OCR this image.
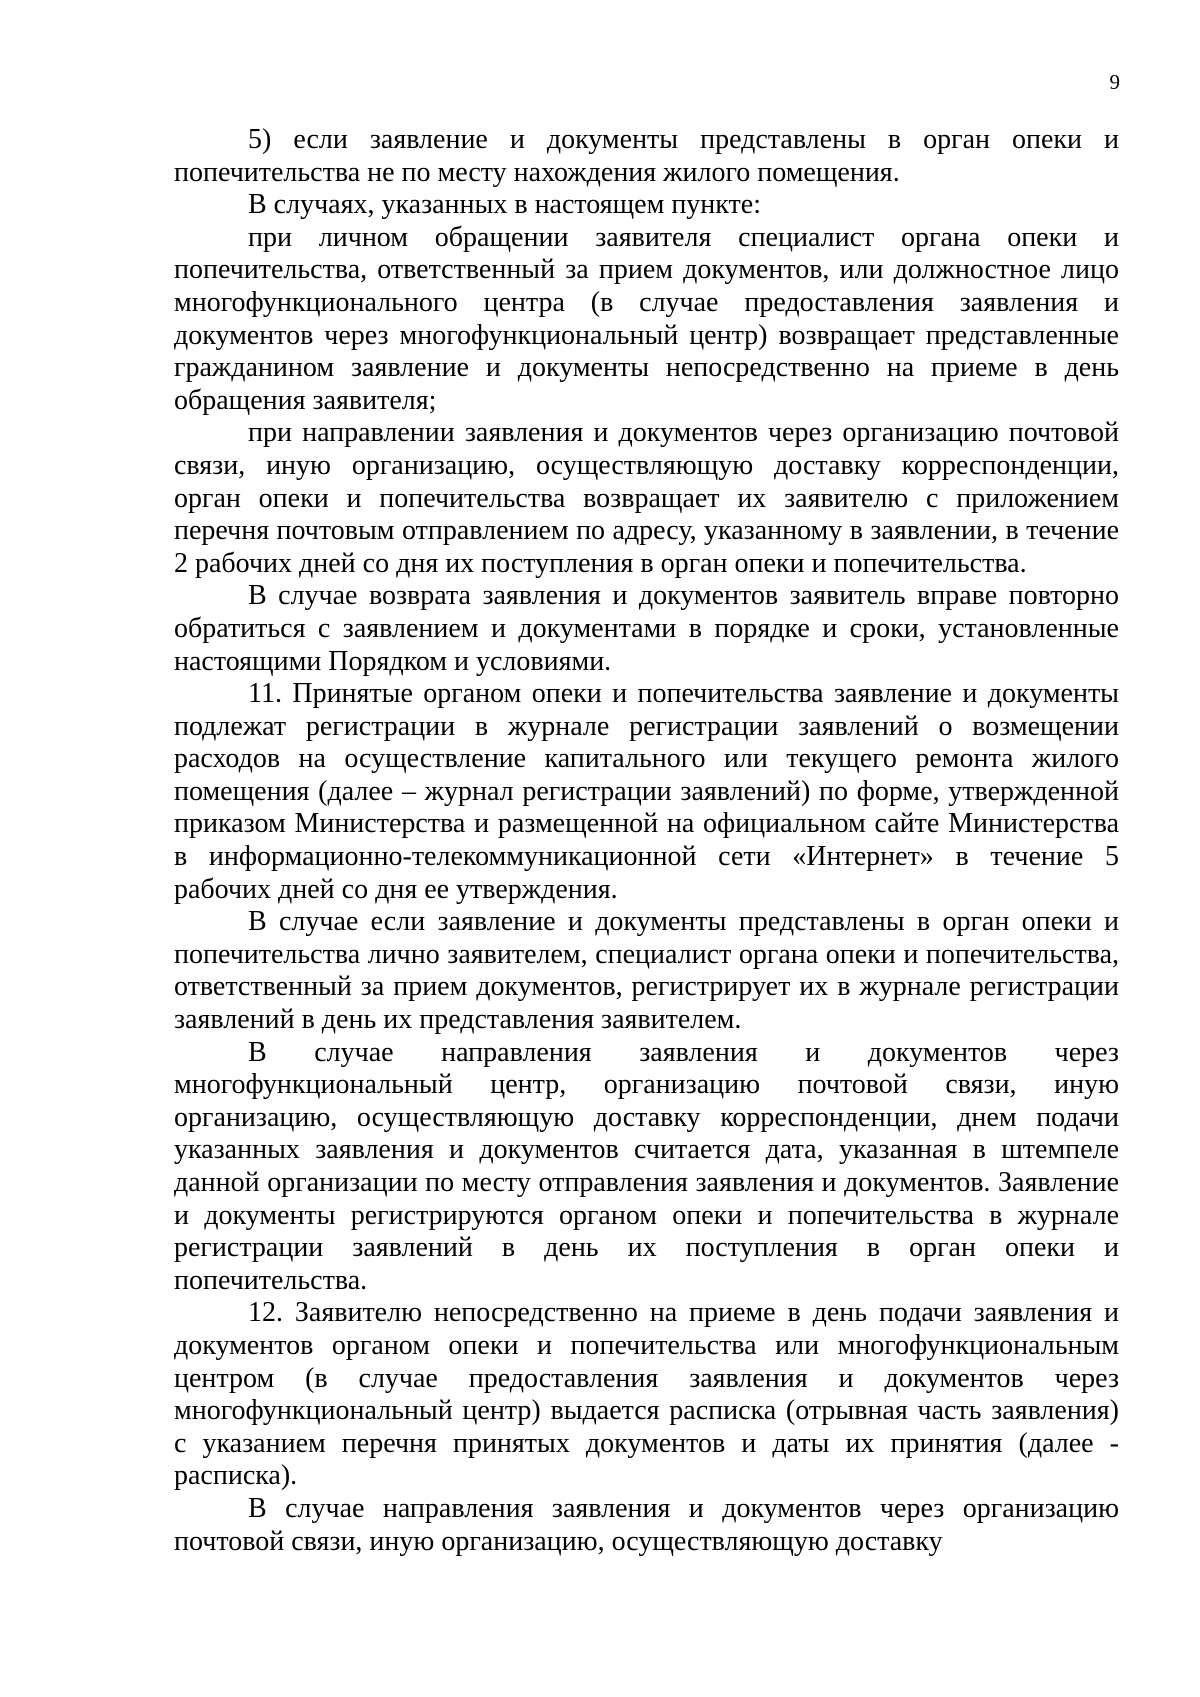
9

5) если заявление и документы представлены в орган опеки и попечительства не по месту нахождения жилого помещения.

В случаях, указанных в настоящем пункте:

при личном обращении заявителя специалист органа опеки и попечительства, ответственный за прием документов, или должностное лицо многофункционального центра (в случае предоставления заявления и документов через многофункциональный центр) возвращает представленные гражданином заявление и документы непосредственно на приеме в день обращения заявителя;

при направлении заявления и документов через организацию почтовой связи, иную организацию, осуществляющую доставку корреспонденции, орган опеки и попечительства возвращает их заявителю с приложением перечня почтовым отправлением по адресу, указанному в заявлении, в течение 2 рабочих дней со дня их поступления в орган опеки и попечительства.

В случае возврата заявления и документов заявитель вправе повторно обратиться с заявлением и документами в порядке и сроки, установленные настоящими Порядком и условиями.

11. Принятые органом опеки и попечительства заявление и документы подлежат регистрации в журнале регистрации заявлений о возмещении расходов на осуществление капитального или текущего ремонта жилого помещения (далее – журнал регистрации заявлений) по форме, утвержденной приказом Министерства и размещенной на официальном сайте Министерства в информационно-телекоммуникационной сети «Интернет» в течение 5 рабочих дней со дня ее утверждения.

В случае если заявление и документы представлены в орган опеки и попечительства лично заявителем, специалист органа опеки и попечительства, ответственный за прием документов, регистрирует их в журнале регистрации заявлений в день их представления заявителем.

В случае направления заявления и документов через многофункциональный центр, организацию почтовой связи, иную организацию, осуществляющую доставку корреспонденции, днем подачи указанных заявления и документов считается дата, указанная в штемпеле данной организации по месту отправления заявления и документов. Заявление и документы регистрируются органом опеки и попечительства в журнале регистрации заявлений в день их поступления в орган опеки и попечительства.

12. Заявителю непосредственно на приеме в день подачи заявления и документов органом опеки и попечительства или многофункциональным центром (в случае предоставления заявления и документов через многофункциональный центр) выдается расписка (отрывная часть заявления) с указанием перечня принятых документов и даты их принятия (далее - расписка).

В случае направления заявления и документов через организацию почтовой связи, иную организацию, осуществляющую доставку
